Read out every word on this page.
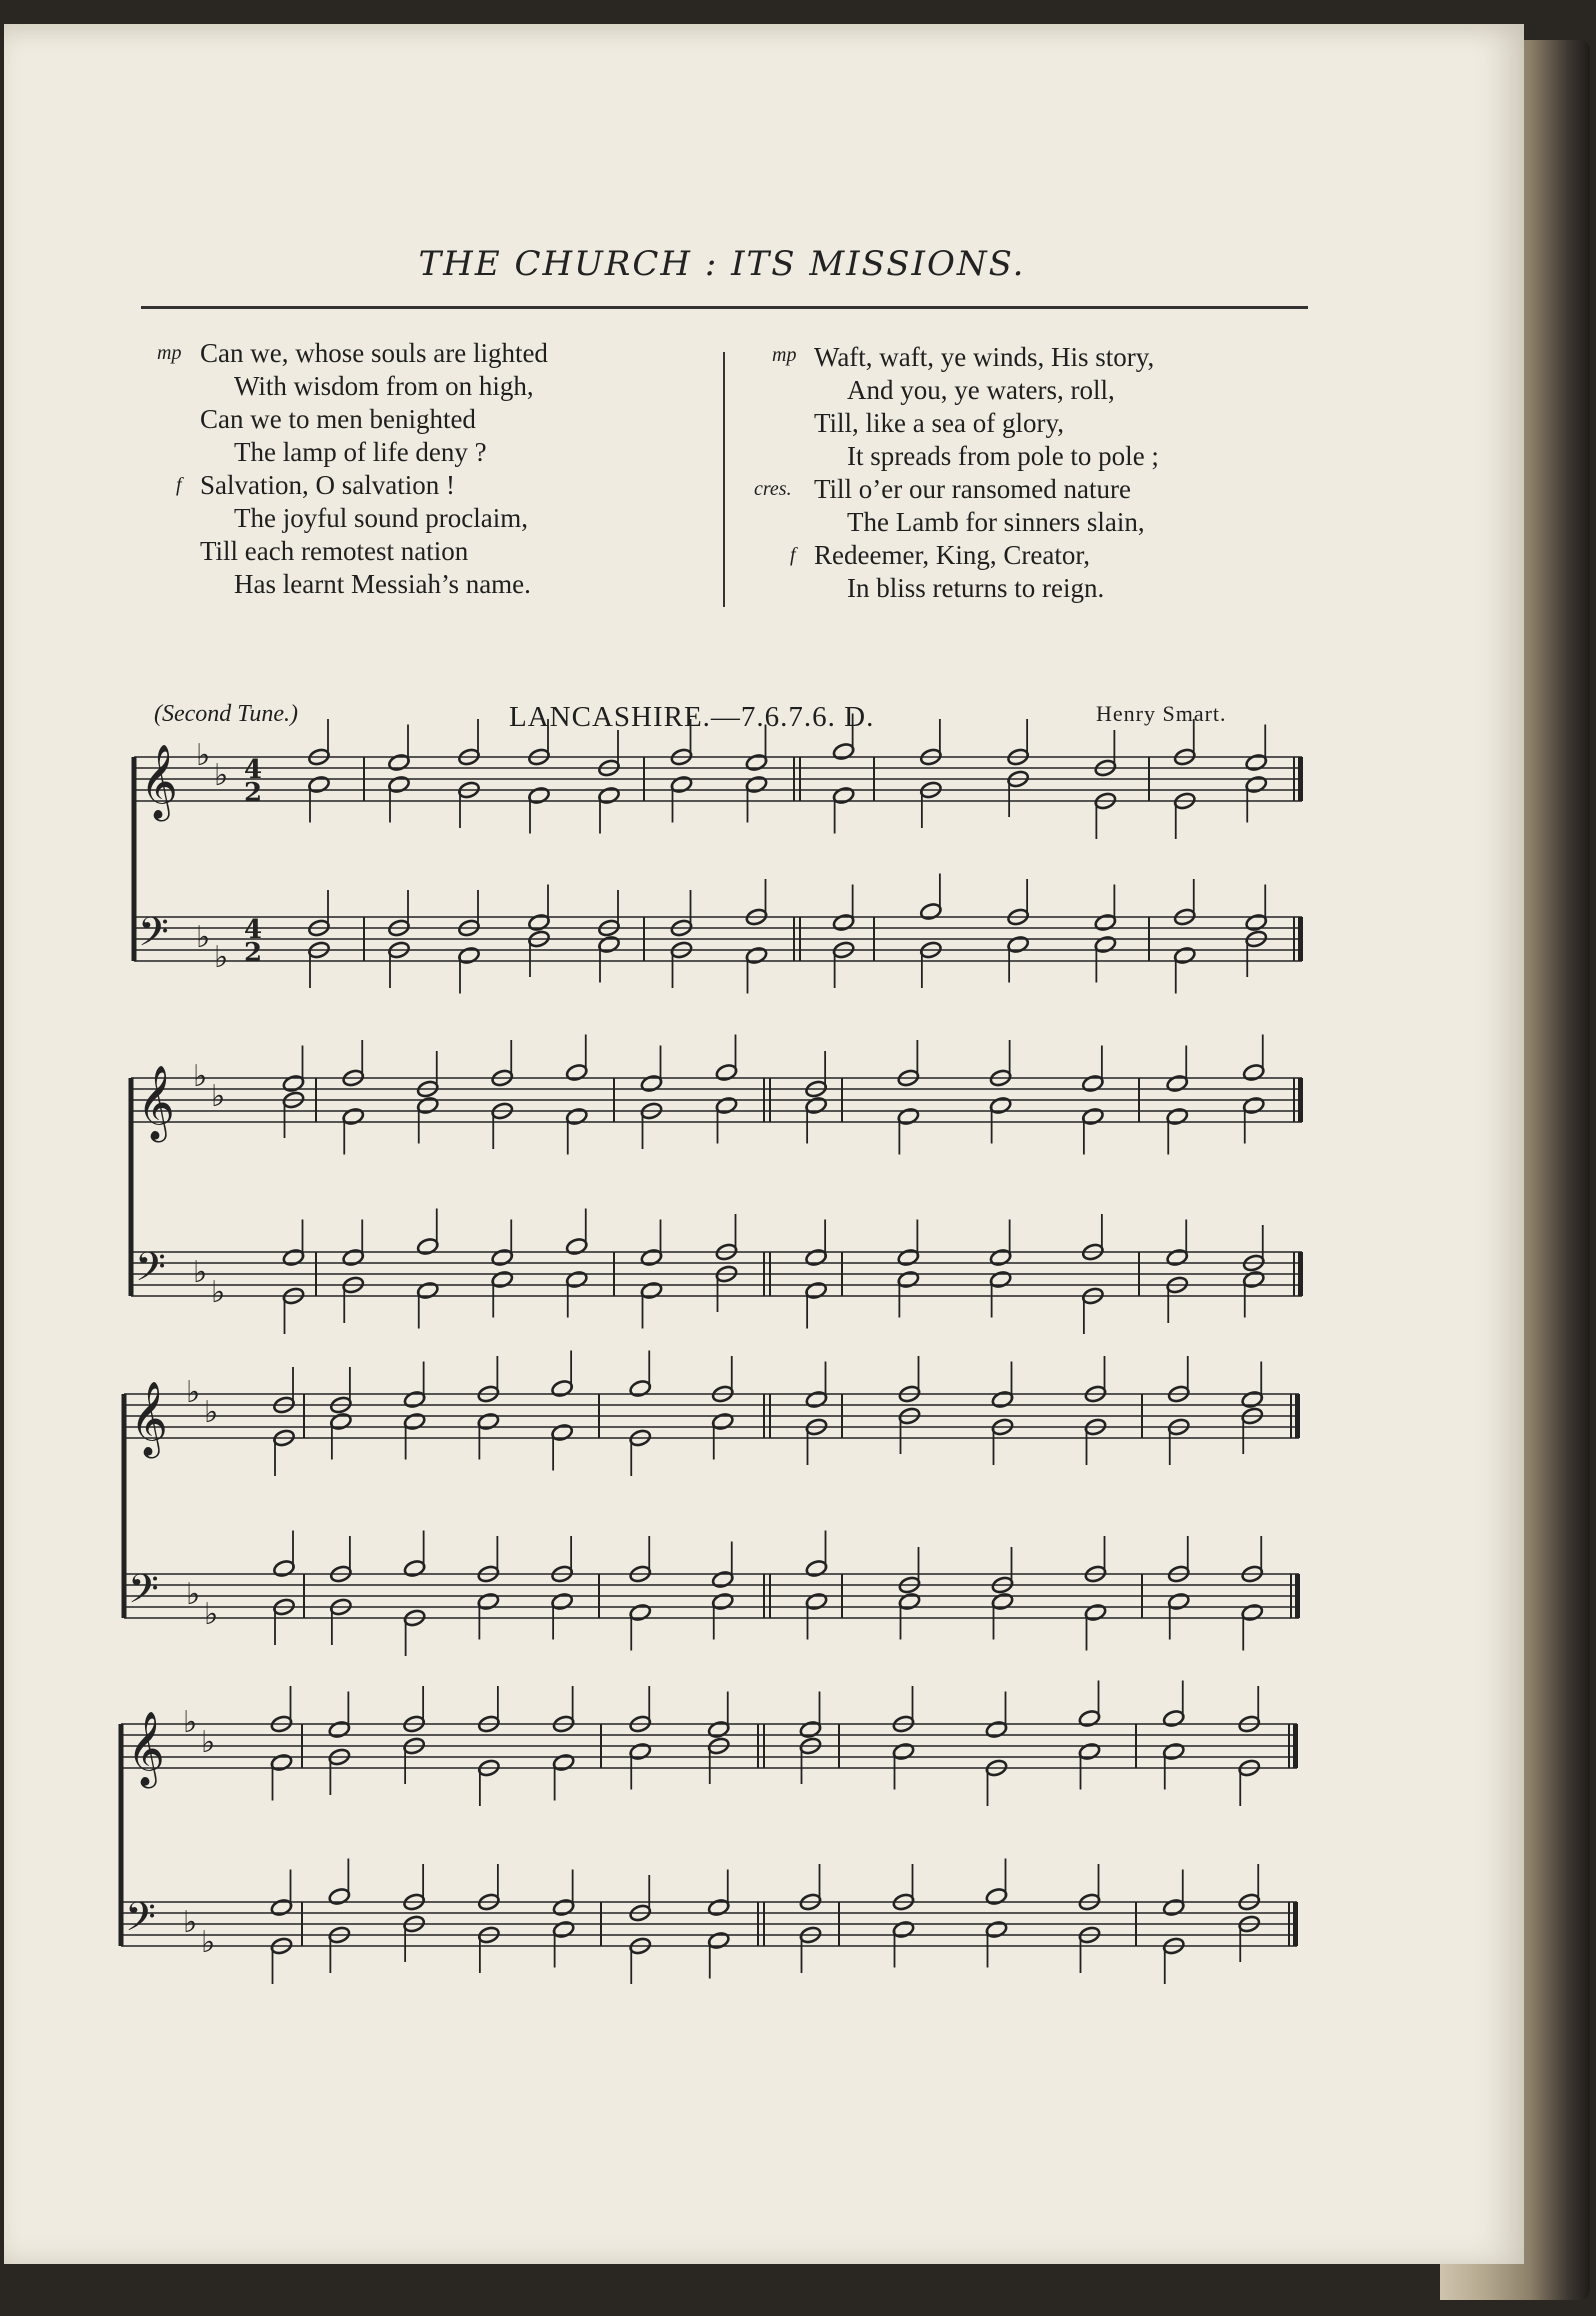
THE CHURCH : ITS MISSIONS.
mp Can we, whose souls are lighted
With wisdom from on high,
Can we to men benighted
The lamp of life deny ?
f Salvation, O salvation !
The joyful sound proclaim,
Till each remotest nation
Has learnt Messiah’s name.
mp Waft, waft, ye winds, His story,
And you, ye waters, roll,
Till, like a sea of glory,
It spreads from pole to pole ;
cres. Till o’er our ransomed nature
The Lamb for sinners slain,
f Redeemer, King, Creator,
In bliss returns to reign.
(Second Tune.)	LANCASHIRE.—7.6.7.6. D.	Henry Smart.
𝄞
𝄢
♭
♭
♭
♭
4
2
4
2
𝄞
𝄢
♭
♭
♭
♭
𝄞
𝄢
♭
♭
♭
♭
𝄞
𝄢
♭
♭
♭
♭
